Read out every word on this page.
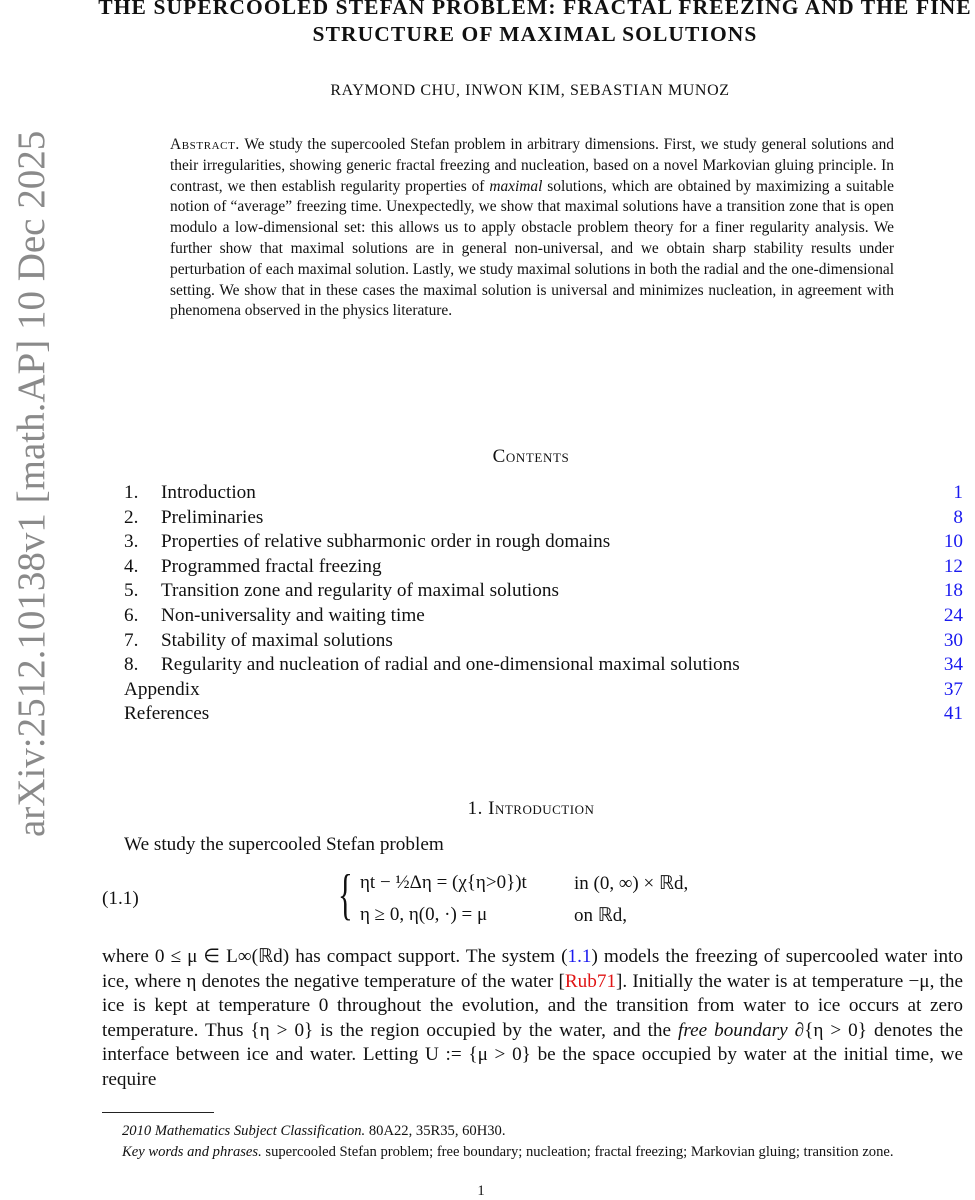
arXiv:2512.10138v1 [math.AP] 10 Dec 2025
THE SUPERCOOLED STEFAN PROBLEM: FRACTAL FREEZING AND THE FINE STRUCTURE OF MAXIMAL SOLUTIONS
RAYMOND CHU, INWON KIM, SEBASTIAN MUNOZ
Abstract. We study the supercooled Stefan problem in arbitrary dimensions. First, we study general solutions and their irregularities, showing generic fractal freezing and nucleation, based on a novel Markovian gluing principle. In contrast, we then establish regularity properties of maximal solutions, which are obtained by maximizing a suitable notion of “average” freezing time. Unexpectedly, we show that maximal solutions have a transition zone that is open modulo a low-dimensional set: this allows us to apply obstacle problem theory for a finer regularity analysis. We further show that maximal solutions are in general non-universal, and we obtain sharp stability results under perturbation of each maximal solution. Lastly, we study maximal solutions in both the radial and the one-dimensional setting. We show that in these cases the maximal solution is universal and minimizes nucleation, in agreement with phenomena observed in the physics literature.
Contents
1. Introduction	1
2. Preliminaries	8
3. Properties of relative subharmonic order in rough domains	10
4. Programmed fractal freezing	12
5. Transition zone and regularity of maximal solutions	18
6. Non-universality and waiting time	24
7. Stability of maximal solutions	30
8. Regularity and nucleation of radial and one-dimensional maximal solutions	34
Appendix	37
References	41
1. Introduction
We study the supercooled Stefan problem
(1.1)	{ ηt − ½Δη = (χ{η>0})t in (0, ∞) × ℝd,
η ≥ 0, η(0, ·) = μ	on ℝd,
where 0 ≤ μ ∈ L∞(ℝd) has compact support. The system (1.1) models the freezing of supercooled water into ice, where η denotes the negative temperature of the water [Rub71]. Initially the water is at temperature −μ, the ice is kept at temperature 0 throughout the evolution, and the transition from water to ice occurs at zero temperature. Thus {η > 0} is the region occupied by the water, and the free boundary ∂{η > 0} denotes the interface between ice and water. Letting U := {μ > 0} be the space occupied by water at the initial time, we require
2010 Mathematics Subject Classification. 80A22, 35R35, 60H30.
Key words and phrases. supercooled Stefan problem; free boundary; nucleation; fractal freezing; Markovian gluing; transition zone.
1
